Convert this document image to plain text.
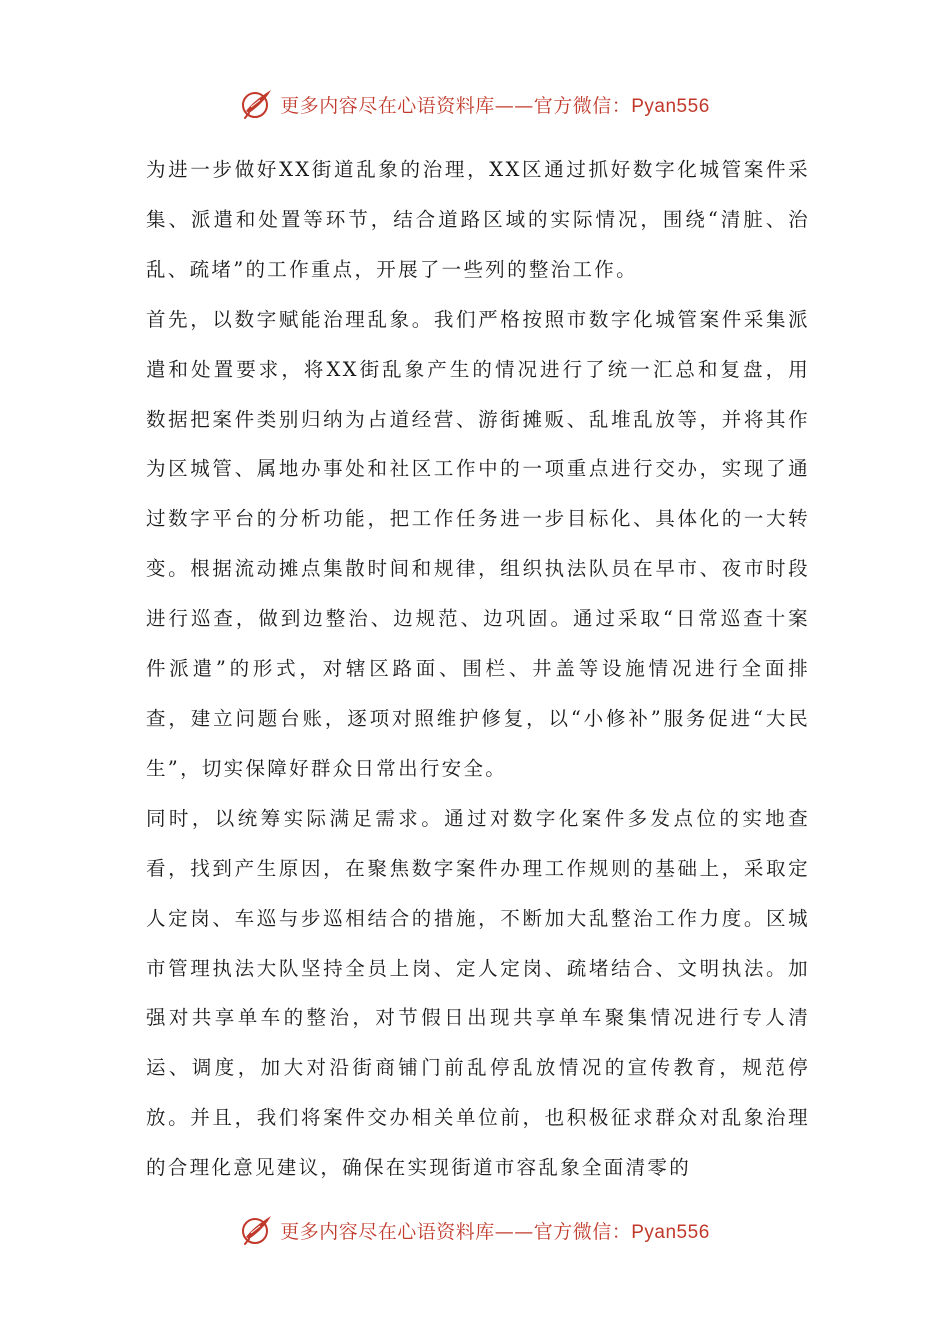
更多内容尽在心语资料库——官方微信：Pyan556

为进一步做好XX街道乱象的治理，XX区通过抓好数字化城管案件采集、派遣和处置等环节，结合道路区域的实际情况，围绕“清脏、治乱、疏堵”的工作重点，开展了一些列的整治工作。

首先，以数字赋能治理乱象。我们严格按照市数字化城管案件采集派遣和处置要求，将XX街乱象产生的情况进行了统一汇总和复盘，用数据把案件类别归纳为占道经营、游街摊贩、乱堆乱放等，并将其作为区城管、属地办事处和社区工作中的一项重点进行交办，实现了通过数字平台的分析功能，把工作任务进一步目标化、具体化的一大转变。根据流动摊点集散时间和规律，组织执法队员在早市、夜市时段进行巡查，做到边整治、边规范、边巩固。通过采取“日常巡查十案件派遣”的形式，对辖区路面、围栏、井盖等设施情况进行全面排查，建立问题台账，逐项对照维护修复，以“小修补”服务促进“大民生”，切实保障好群众日常出行安全。

同时，以统筹实际满足需求。通过对数字化案件多发点位的实地查看，找到产生原因，在聚焦数字案件办理工作规则的基础上，采取定人定岗、车巡与步巡相结合的措施，不断加大乱整治工作力度。区城市管理执法大队坚持全员上岗、定人定岗、疏堵结合、文明执法。加强对共享单车的整治，对节假日出现共享单车聚集情况进行专人清运、调度，加大对沿街商铺门前乱停乱放情况的宣传教育，规范停放。并且，我们将案件交办相关单位前，也积极征求群众对乱象治理的合理化意见建议，确保在实现街道市容乱象全面清零的

更多内容尽在心语资料库——官方微信：Pyan556
